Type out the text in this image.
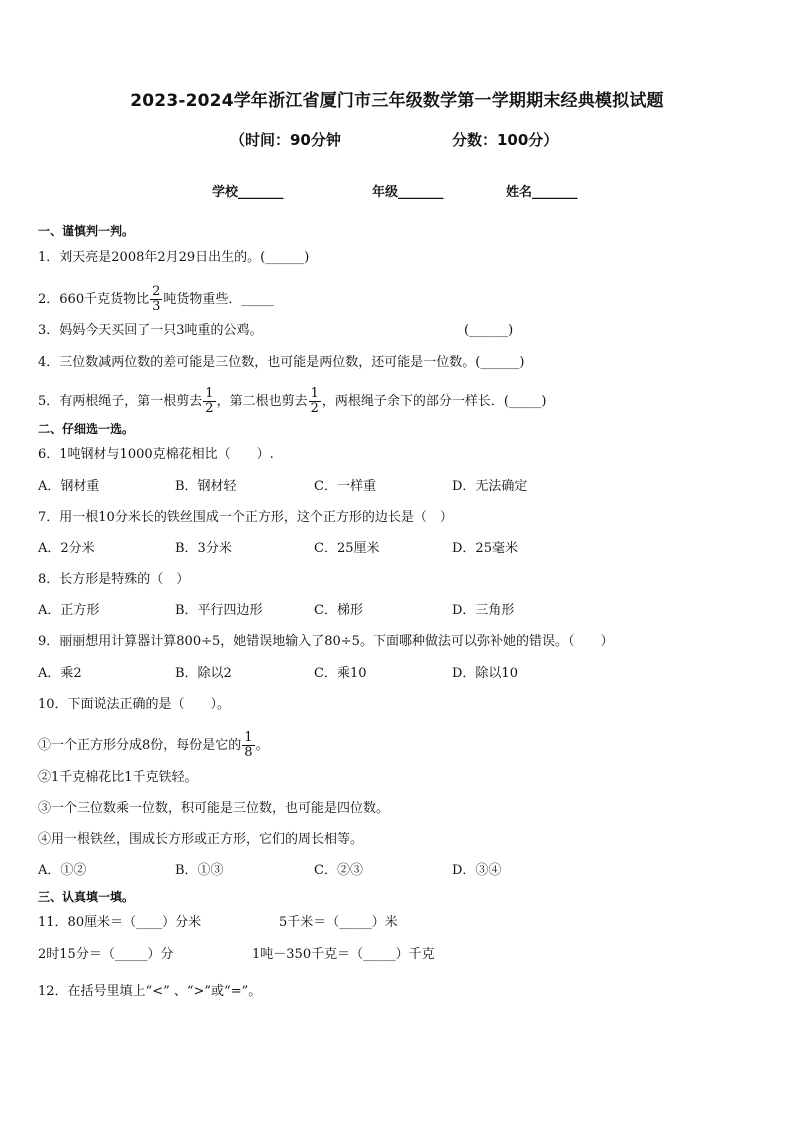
2023-2024学年浙江省厦门市三年级数学第一学期期末经典模拟试题
（时间：90分钟	分数：100分）
学校_______	年级_______	姓名_______
一、谨慎判一判。
1．刘天亮是2008年2月29日出生的。(______)
2．660千克货物比 $\frac{2}{3}$ 吨货物重些．_____
3．妈妈今天买回了一只3吨重的公鸡。	(______)
4．三位数减两位数的差可能是三位数，也可能是两位数，还可能是一位数。(______)
5．有两根绳子，第一根剪去 $\frac{1}{2}$ ，第二根也剪去 $\frac{1}{2}$ ，两根绳子余下的部分一样长．(_____)
二、仔细选一选。
6．1吨钢材与1000克棉花相比（　　）.
A．钢材重	B．钢材轻	C．一样重	D．无法确定
7．用一根10分米长的铁丝围成一个正方形，这个正方形的边长是（　）
A．2分米	B．3分米	C．25厘米	D．25毫米
8．长方形是特殊的（　）
A．正方形	B．平行四边形	C．梯形	D．三角形
9．丽丽想用计算器计算800÷5，她错误地输入了80÷5。下面哪种做法可以弥补她的错误。（　　）
A．乘2	B．除以2	C．乘10	D．除以10
10．下面说法正确的是（　　）。
①一个正方形分成8份，每份是它的 $\frac{1}{8}$ 。
②1千克棉花比1千克铁轻。
③一个三位数乘一位数，积可能是三位数，也可能是四位数。
④用一根铁丝，围成长方形或正方形，它们的周长相等。
A．①②	B．①③	C．②③	D．③④
三、认真填一填。
11．80厘米＝（____）分米	5千米＝（_____）米
2时15分＝（_____）分	1吨－350千克＝（_____）千克
12．在括号里填上“<” 、“>”或“=”。
